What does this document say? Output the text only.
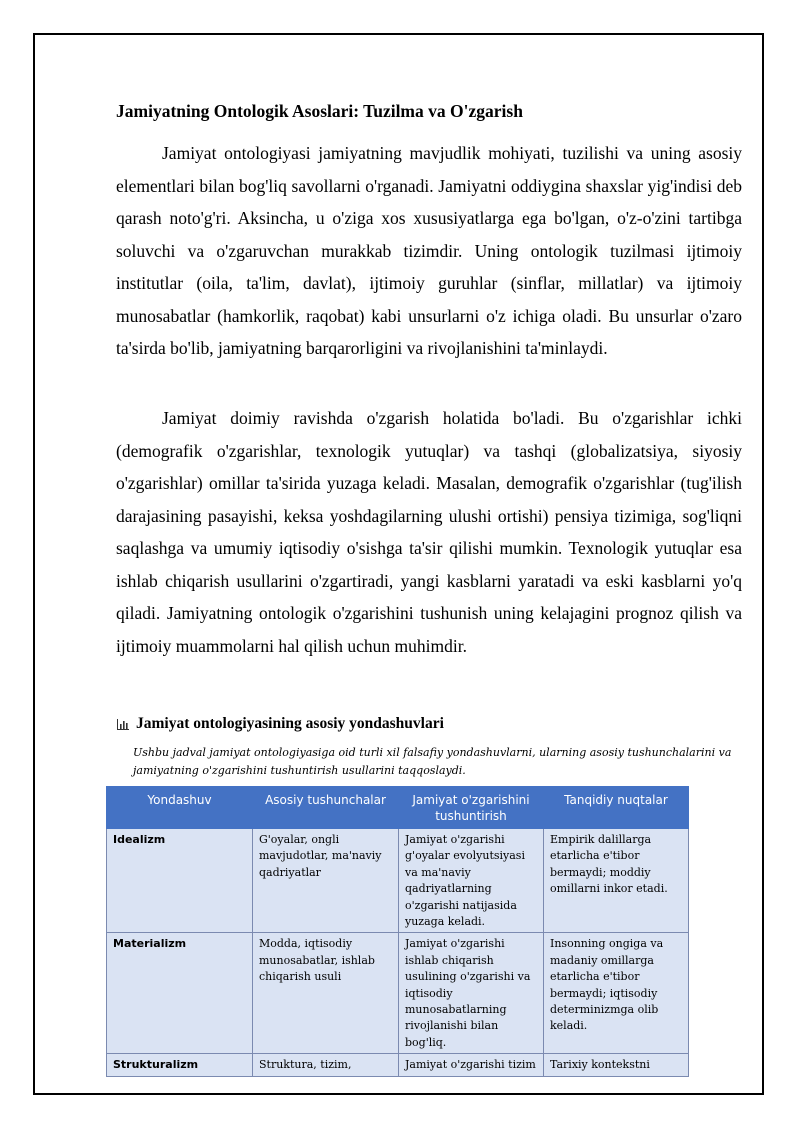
Jamiyatning Ontologik Asoslari: Tuzilma va O'zgarish

Jamiyat ontologiyasi jamiyatning mavjudlik mohiyati, tuzilishi va uning asosiy elementlari bilan bog'liq savollarni o'rganadi. Jamiyatni oddiygina shaxslar yig'indisi deb qarash noto'g'ri. Aksincha, u o'ziga xos xususiyatlarga ega bo'lgan, o'z-o'zini tartibga soluvchi va o'zgaruvchan murakkab tizimdir. Uning ontologik tuzilmasi ijtimoiy institutlar (oila, ta'lim, davlat), ijtimoiy guruhlar (sinflar, millatlar) va ijtimoiy munosabatlar (hamkorlik, raqobat) kabi unsurlarni o'z ichiga oladi. Bu unsurlar o'zaro ta'sirda bo'lib, jamiyatning barqarorligini va rivojlanishini ta'minlaydi.

Jamiyat doimiy ravishda o'zgarish holatida bo'ladi. Bu o'zgarishlar ichki (demografik o'zgarishlar, texnologik yutuqlar) va tashqi (globalizatsiya, siyosiy o'zgarishlar) omillar ta'sirida yuzaga keladi. Masalan, demografik o'zgarishlar (tug'ilish darajasining pasayishi, keksa yoshdagilarning ulushi ortishi) pensiya tizimiga, sog'liqni saqlashga va umumiy iqtisodiy o'sishga ta'sir qilishi mumkin. Texnologik yutuqlar esa ishlab chiqarish usullarini o'zgartiradi, yangi kasblarni yaratadi va eski kasblarni yo'q qiladi. Jamiyatning ontologik o'zgarishini tushunish uning kelajagini prognoz qilish va ijtimoiy muammolarni hal qilish uchun muhimdir.

Jamiyat ontologiyasining asosiy yondashuvlari
Ushbu jadval jamiyat ontologiyasiga oid turli xil falsafiy yondashuvlarni, ularning asosiy tushunchalarini va jamiyatning o'zgarishini tushuntirish usullarini taqqoslaydi.
Yondashuv	Asosiy tushunchalar	Jamiyat o'zgarishini tushuntirish	Tanqidiy nuqtalar
Idealizm	G'oyalar, ongli mavjudotlar, ma'naviy qadriyatlar	Jamiyat o'zgarishi g'oyalar evolyutsiyasi va ma'naviy qadriyatlarning o'zgarishi natijasida yuzaga keladi.	Empirik dalillarga etarlicha e'tibor bermaydi; moddiy omillarni inkor etadi.
Materializm	Modda, iqtisodiy munosabatlar, ishlab chiqarish usuli	Jamiyat o'zgarishi ishlab chiqarish usulining o'zgarishi va iqtisodiy munosabatlarning rivojlanishi bilan bog'liq.	Insonning ongiga va madaniy omillarga etarlicha e'tibor bermaydi; iqtisodiy determinizmga olib keladi.
Strukturalizm	Struktura, tizim,	Jamiyat o'zgarishi tizim	Tarixiy kontekstni
